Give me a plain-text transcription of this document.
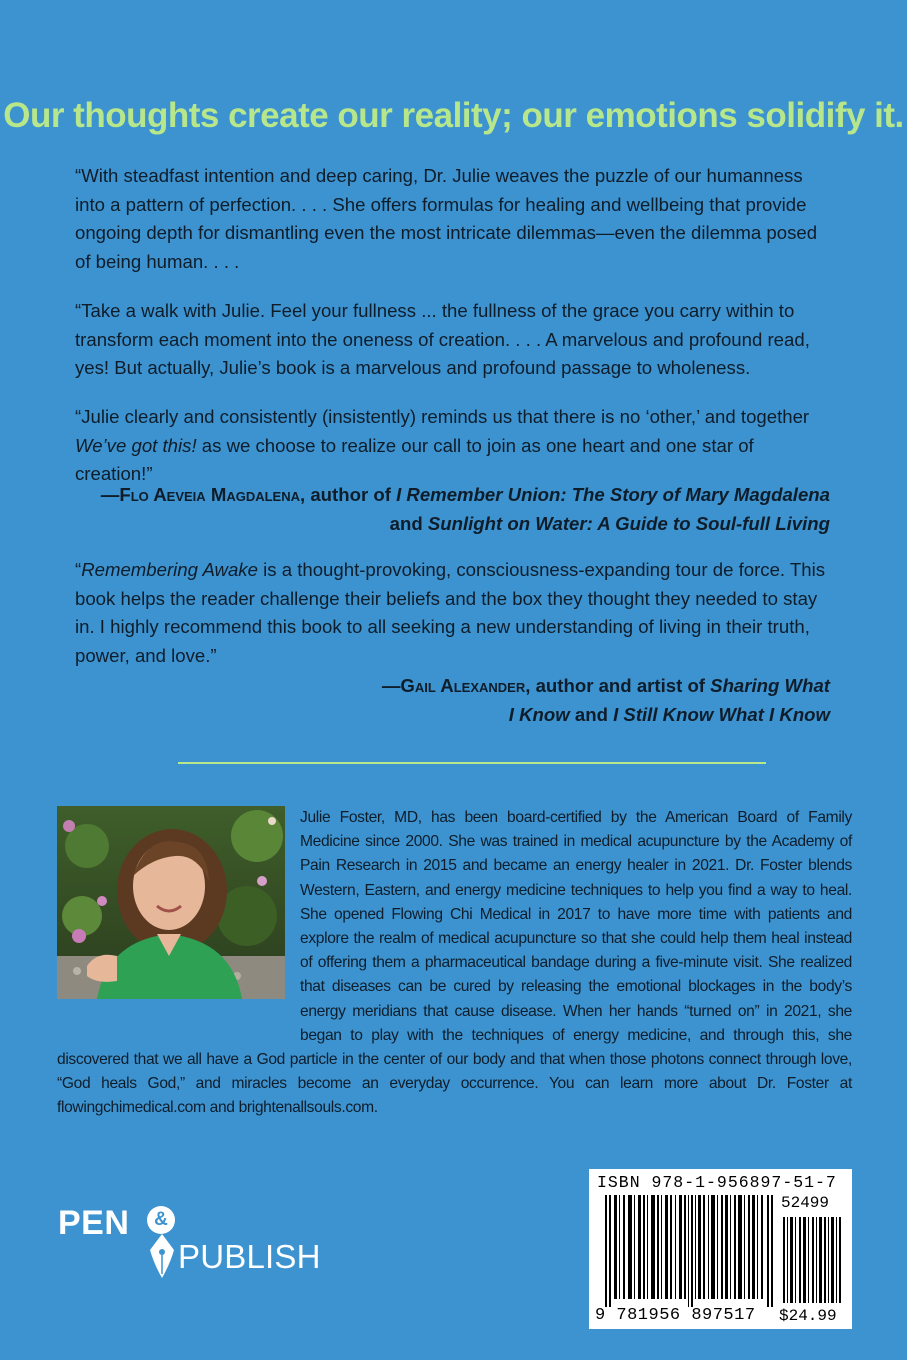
Our thoughts create our reality; our emotions solidify it.

“With steadfast intention and deep caring, Dr. Julie weaves the puzzle of our humanness into a pattern of perfection. . . . She offers formulas for healing and wellbeing that provide ongoing depth for dismantling even the most intricate dilemmas—even the dilemma posed of being human. . . .

“Take a walk with Julie. Feel your fullness ... the fullness of the grace you carry within to transform each moment into the oneness of creation. . . . A marvelous and profound read, yes! But actually, Julie’s book is a marvelous and profound passage to wholeness.

“Julie clearly and consistently (insistently) reminds us that there is no ‘other,’ and together We’ve got this! as we choose to realize our call to join as one heart and one star of creation!”

—Flo Aeveia Magdalena, author of I Remember Union: The Story of Mary Magdalena
and Sunlight on Water: A Guide to Soul-full Living

“Remembering Awake is a thought-provoking, consciousness-expanding tour de force. This book helps the reader challenge their beliefs and the box they thought they needed to stay in. I highly recommend this book to all seeking a new understanding of living in their truth, power, and love.”

—Gail Alexander, author and artist of Sharing What
I Know and I Still Know What I Know

Julie Foster, MD, has been board-certified by the American Board of Family Medicine since 2000. She was trained in medical acupuncture by the Academy of Pain Research in 2015 and became an energy healer in 2021. Dr. Foster blends Western, Eastern, and energy medicine techniques to help you find a way to heal. She opened Flowing Chi Medical in 2017 to have more time with patients and explore the realm of medical acupuncture so that she could help them heal instead of offering them a pharmaceutical bandage during a five-minute visit. She realized that diseases can be cured by releasing the emotional blockages in the body’s energy meridians that cause disease. When her hands “turned on” in 2021, she began to play with the techniques of energy medicine, and through this, she discovered that we all have a God particle in the center of our body and that when those photons connect through love, “God heals God,” and miracles become an everyday occurrence. You can learn more about Dr. Foster at flowingchimedical.com and brightenallsouls.com.

ISBN 978-1-956897-51-7
52499
9 781956 897517 $24.99
PEN	&
PUBLISH
